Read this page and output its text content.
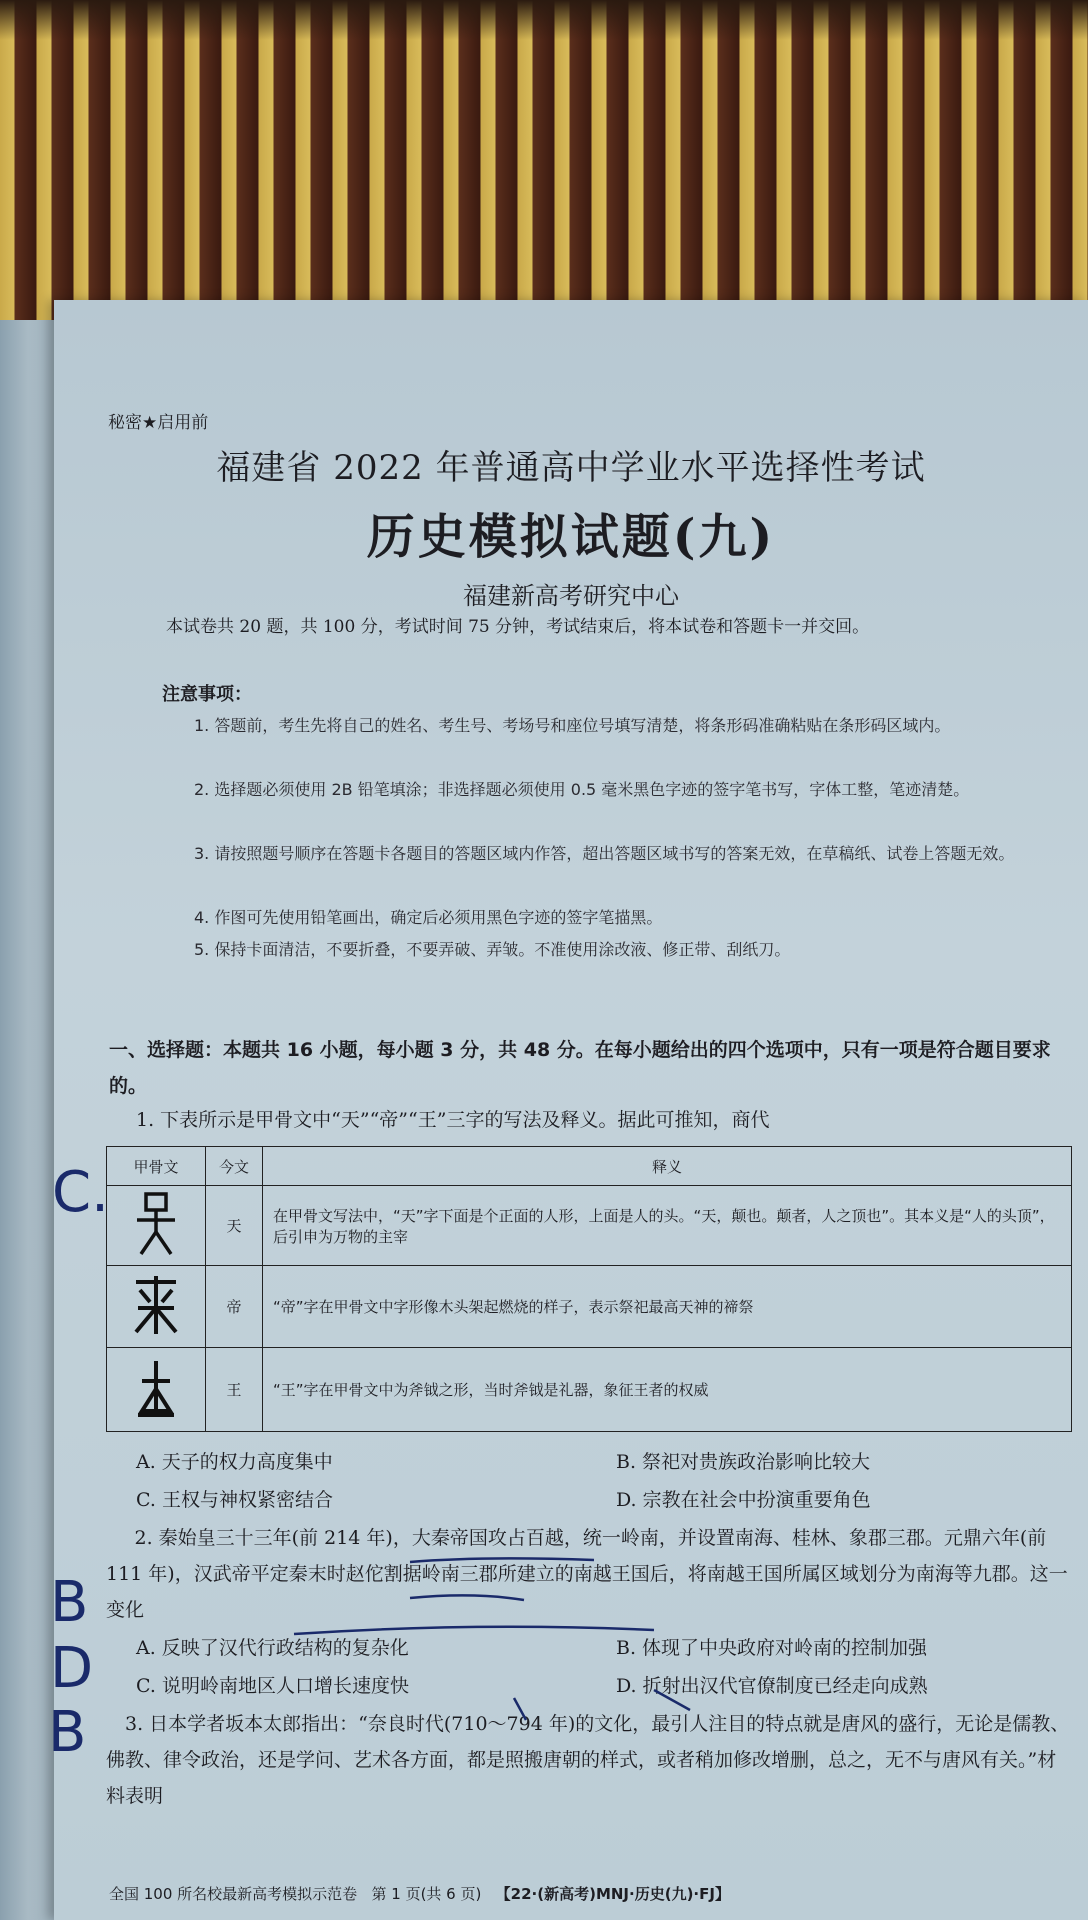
秘密★启用前
福建省 2022 年普通高中学业水平选择性考试
历史模拟试题(九)
福建新高考研究中心
本试卷共 20 题，共 100 分，考试时间 75 分钟，考试结束后，将本试卷和答题卡一并交回。
注意事项：
1. 答题前，考生先将自己的姓名、考生号、考场号和座位号填写清楚，将条形码准确粘贴在条形码区域内。
2. 选择题必须使用 2B 铅笔填涂；非选择题必须使用 0.5 毫米黑色字迹的签字笔书写，字体工整，笔迹清楚。
3. 请按照题号顺序在答题卡各题目的答题区域内作答，超出答题区域书写的答案无效，在草稿纸、试卷上答题无效。
4. 作图可先使用铅笔画出，确定后必须用黑色字迹的签字笔描黑。
5. 保持卡面清洁，不要折叠，不要弄破、弄皱。不准使用涂改液、修正带、刮纸刀。
一、选择题：本题共 16 小题，每小题 3 分，共 48 分。在每小题给出的四个选项中，只有一项是符合题目要求的。
1. 下表所示是甲骨文中“天”“帝”“王”三字的写法及释义。据此可推知，商代
甲骨文	今文	释义
	天	在甲骨文写法中，“天”字下面是个正面的人形，上面是人的头。“天，颠也。颠者，人之顶也”。其本义是“人的头顶”，后引申为万物的主宰
	帝	“帝”字在甲骨文中字形像木头架起燃烧的样子，表示祭祀最高天神的禘祭
	王	“王”字在甲骨文中为斧钺之形，当时斧钺是礼器，象征王者的权威
A. 天子的权力高度集中	B. 祭祀对贵族政治影响比较大
C. 王权与神权紧密结合	D. 宗教在社会中扮演重要角色
2. 秦始皇三十三年(前 214 年)，大秦帝国攻占百越，统一岭南，并设置南海、桂林、象郡三郡。元鼎六年(前 111 年)，汉武帝平定秦末时赵佗割据岭南三郡所建立的南越王国后，将南越王国所属区域划分为南海等九郡。这一变化
A. 反映了汉代行政结构的复杂化	B. 体现了中央政府对岭南的控制加强
C. 说明岭南地区人口增长速度快	D. 折射出汉代官僚制度已经走向成熟
3. 日本学者坂本太郎指出：“奈良时代(710～794 年)的文化，最引人注目的特点就是唐风的盛行，无论是儒教、佛教、律令政治，还是学问、艺术各方面，都是照搬唐朝的样式，或者稍加修改增删，总之，无不与唐风有关。”材料表明
全国 100 所名校最新高考模拟示范卷 第 1 页(共 6 页) 【22·(新高考)MNJ·历史(九)·FJ】
C.
B
D
B
